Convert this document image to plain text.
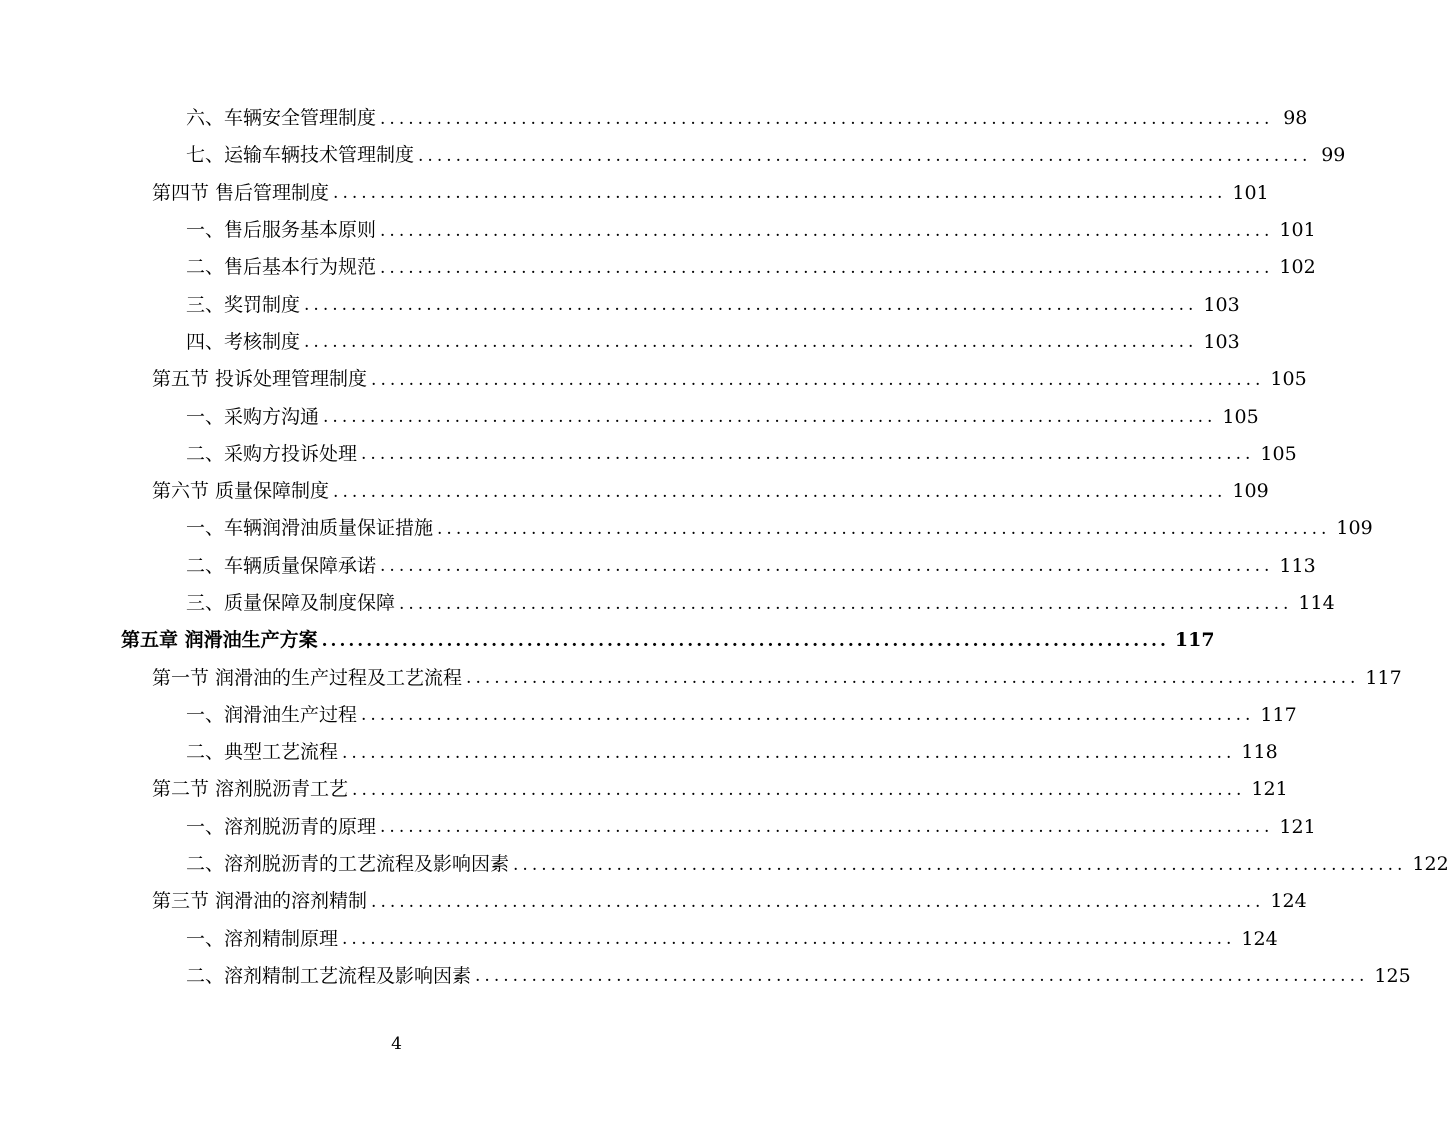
六、车辆安全管理制度 ............................................................................................... 98
七、运输车辆技术管理制度 ............................................................................................... 99
第四节 售后管理制度 ............................................................................................... 101
一、售后服务基本原则 ............................................................................................... 101
二、售后基本行为规范 ............................................................................................... 102
三、奖罚制度 ............................................................................................... 103
四、考核制度 ............................................................................................... 103
第五节 投诉处理管理制度 ............................................................................................... 105
一、采购方沟通 ............................................................................................... 105
二、采购方投诉处理 ............................................................................................... 105
第六节 质量保障制度 ............................................................................................... 109
一、车辆润滑油质量保证措施 ............................................................................................... 109
二、车辆质量保障承诺 ............................................................................................... 113
三、质量保障及制度保障 ............................................................................................... 114
第五章 润滑油生产方案 ............................................................................................... 117
第一节 润滑油的生产过程及工艺流程 ............................................................................................... 117
一、润滑油生产过程 ............................................................................................... 117
二、典型工艺流程 ............................................................................................... 118
第二节 溶剂脱沥青工艺 ............................................................................................... 121
一、溶剂脱沥青的原理 ............................................................................................... 121
二、溶剂脱沥青的工艺流程及影响因素 ............................................................................................... 122
第三节 润滑油的溶剂精制 ............................................................................................... 124
一、溶剂精制原理 ............................................................................................... 124
二、溶剂精制工艺流程及影响因素 ............................................................................................... 125
4
